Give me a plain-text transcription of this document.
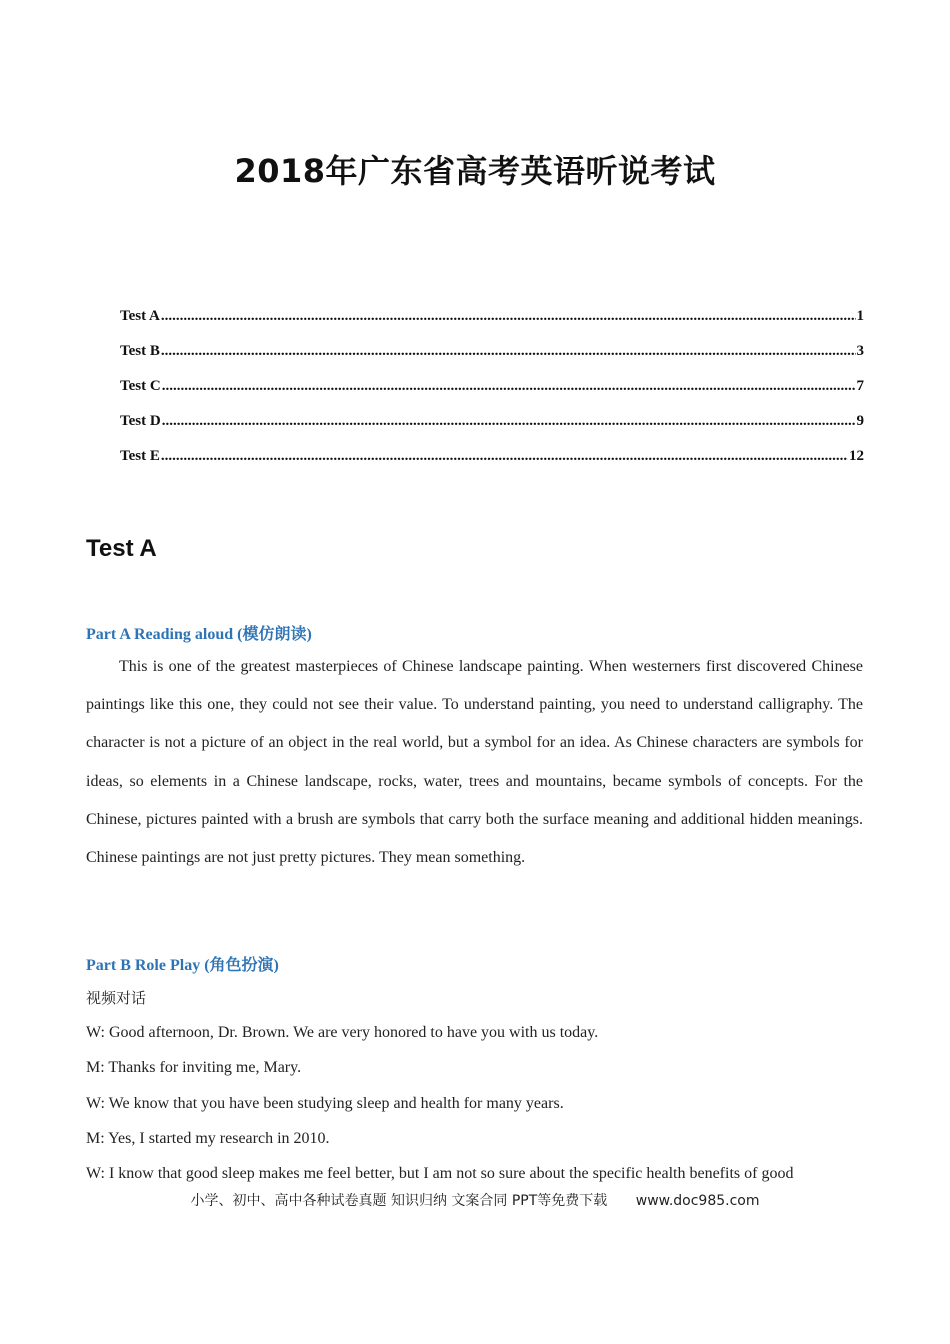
2018年广东省高考英语听说考试
Test A .....	1
Test B .....	3
Test C .....	7
Test D .....	9
Test E .....	12
Test A
Part A Reading aloud (模仿朗读)
This is one of the greatest masterpieces of Chinese landscape painting. When westerners first discovered Chinese paintings like this one, they could not see their value. To understand painting, you need to understand calligraphy. The character is not a picture of an object in the real world, but a symbol for an idea. As Chinese characters are symbols for ideas, so elements in a Chinese landscape, rocks, water, trees and mountains, became symbols of concepts. For the Chinese, pictures painted with a brush are symbols that carry both the surface meaning and additional hidden meanings. Chinese paintings are not just pretty pictures. They mean something.
Part B Role Play (角色扮演)
视频对话
W: Good afternoon, Dr. Brown. We are very honored to have you with us today.
M: Thanks for inviting me, Mary.
W: We know that you have been studying sleep and health for many years.
M: Yes, I started my research in 2010.
W: I know that good sleep makes me feel better, but I am not so sure about the specific health benefits of good
小学、初中、高中各种试卷真题 知识归纳 文案合同 PPT等免费下载 www.doc985.com
